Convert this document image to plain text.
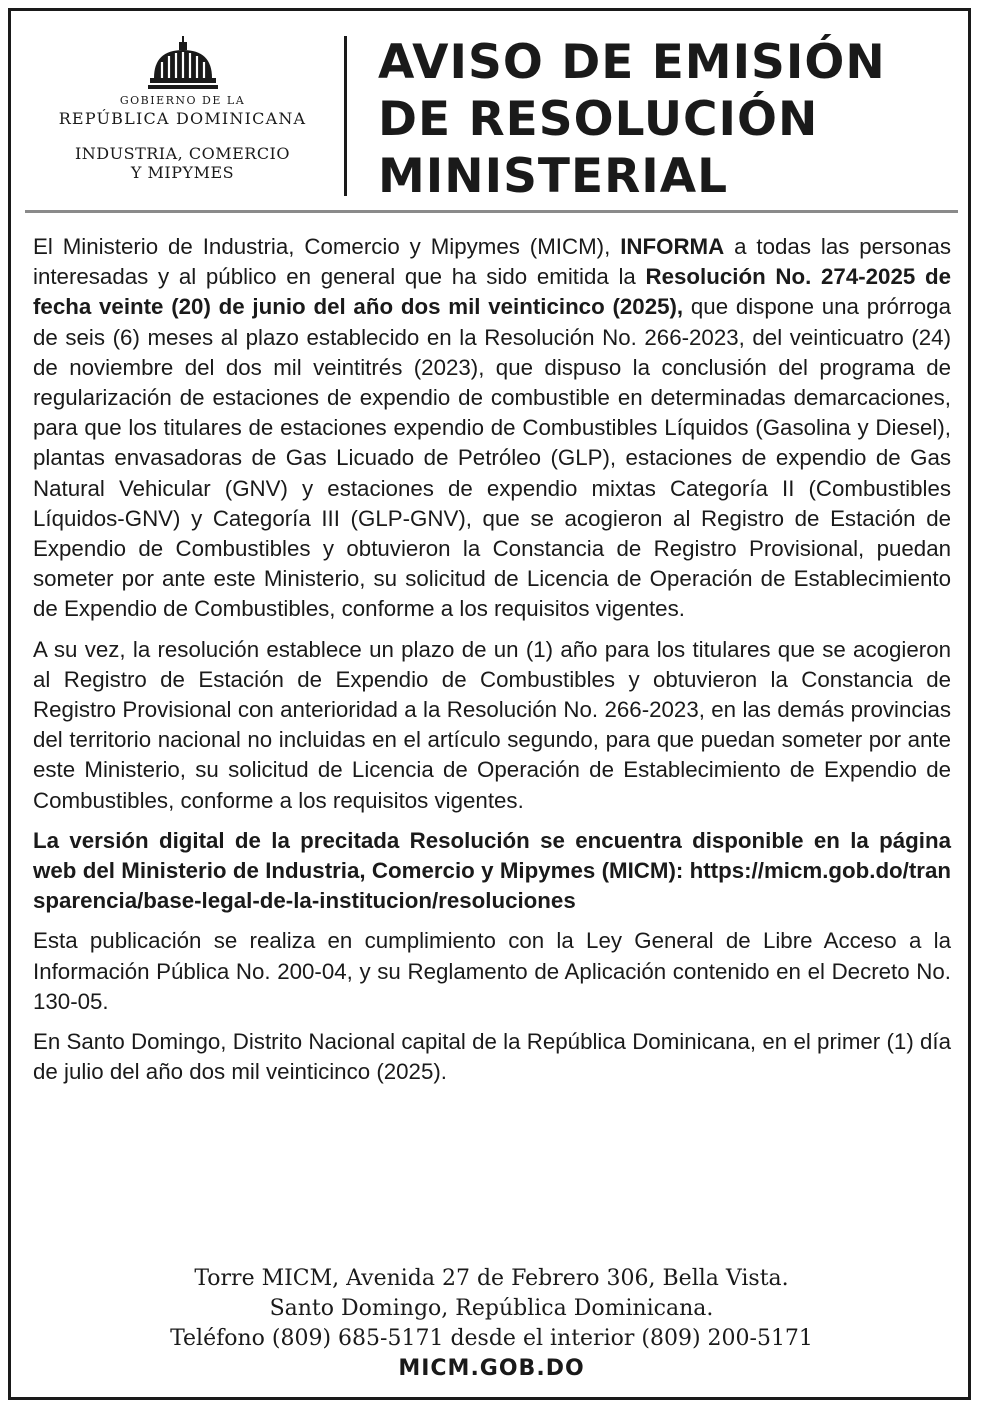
GOBIERNO DE LA
REPÚBLICA DOMINICANA
INDUSTRIA, COMERCIO
Y MIPYMES
AVISO DE EMISIÓN
DE RESOLUCIÓN
MINISTERIAL

El Ministerio de Industria, Comercio y Mipymes (MICM), INFORMA a todas las personas interesadas y al público en general que ha sido emitida la Resolución No. 274-2025 de fecha veinte (20) de junio del año dos mil veinticinco (2025), que dispone una prórroga de seis (6) meses al plazo establecido en la Resolución No. 266-2023, del veinticuatro (24) de noviembre del dos mil veintitrés (2023), que dispuso la conclusión del programa de regularización de estaciones de expendio de combustible en determinadas demarcaciones, para que los titulares de estaciones expendio de Combustibles Líquidos (Gasolina y Diesel), plantas envasadoras de Gas Licuado de Petróleo (GLP), estaciones de expendio de Gas Natural Vehicular (GNV) y estaciones de expendio mixtas Categoría II (Combustibles Líquidos-GNV) y Categoría III (GLP-GNV), que se acogieron al Registro de Estación de Expendio de Combustibles y obtuvieron la Constancia de Registro Provisional, puedan someter por ante este Ministerio, su solicitud de Licencia de Operación de Establecimiento de Expendio de Combustibles, conforme a los requisitos vigentes.

A su vez, la resolución establece un plazo de un (1) año para los titulares que se acogieron al Registro de Estación de Expendio de Combustibles y obtuvieron la Constancia de Registro Provisional con anterioridad a la Resolución No. 266-2023, en las demás provincias del territorio nacional no incluidas en el artículo segundo, para que puedan someter por ante este Ministerio, su solicitud de Licencia de Operación de Establecimiento de Expendio de Combustibles, conforme a los requisitos vigentes.

La versión digital de la precitada Resolución se encuentra disponible en la página web del Ministerio de Industria, Comercio y Mipymes (MICM): https://micm.gob.do/transparencia/base-legal-de-la-institucion/resoluciones

Esta publicación se realiza en cumplimiento con la Ley General de Libre Acceso a la Información Pública No. 200-04, y su Reglamento de Aplicación contenido en el Decreto No. 130-05.

En Santo Domingo, Distrito Nacional capital de la República Dominicana, en el primer (1) día de julio del año dos mil veinticinco (2025).

Torre MICM, Avenida 27 de Febrero 306, Bella Vista.
Santo Domingo, República Dominicana.
Teléfono (809) 685-5171 desde el interior (809) 200-5171
MICM.GOB.DO
